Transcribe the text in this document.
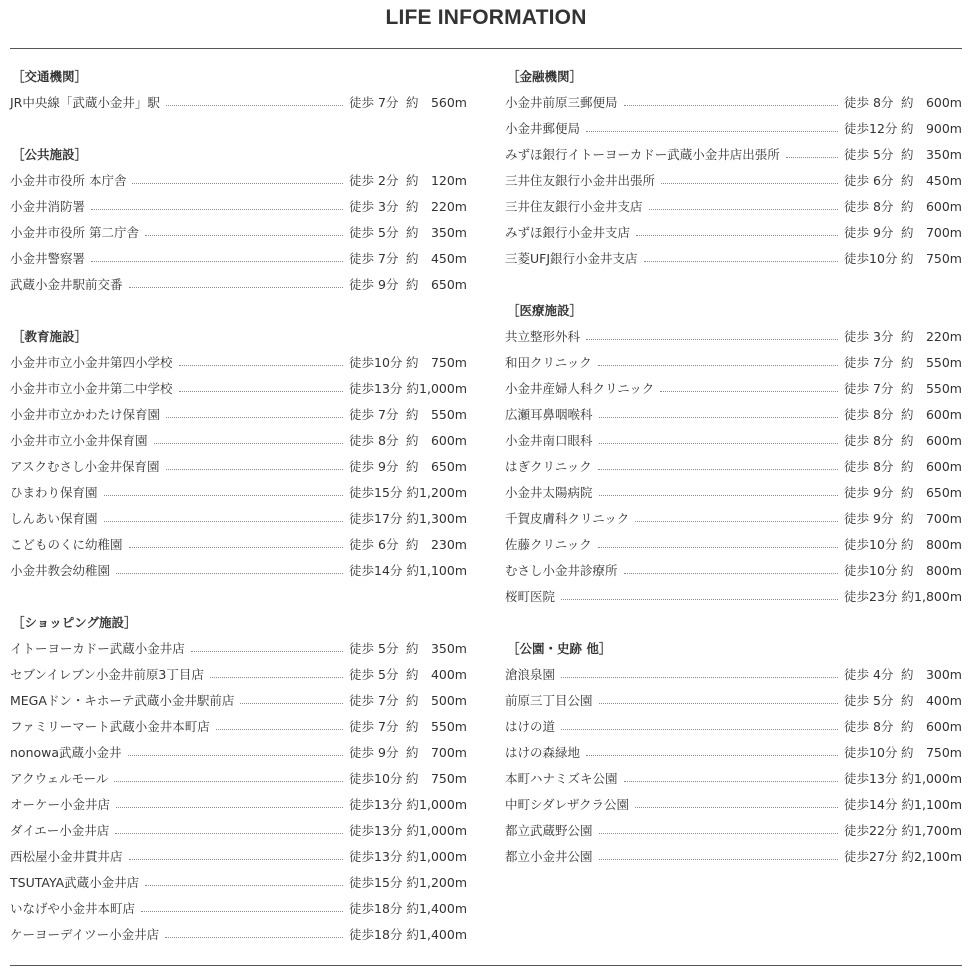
LIFE INFORMATION
［交通機関］
JR中央線「武蔵小金井」駅	徒歩 7分 約　560m
［公共施設］
小金井市役所 本庁舎	徒歩 2分 約　120m
小金井消防署	徒歩 3分 約　220m
小金井市役所 第二庁舎	徒歩 5分 約　350m
小金井警察署	徒歩 7分 約　450m
武蔵小金井駅前交番	徒歩 9分 約　650m
［教育施設］
小金井市立小金井第四小学校	徒歩10分 約　750m
小金井市立小金井第二中学校	徒歩13分 約1,000m
小金井市立かわたけ保育園	徒歩 7分 約　550m
小金井市立小金井保育園	徒歩 8分 約　600m
アスクむさし小金井保育園	徒歩 9分 約　650m
ひまわり保育園	徒歩15分 約1,200m
しんあい保育園	徒歩17分 約1,300m
こどものくに幼稚園	徒歩 6分 約　230m
小金井教会幼稚園	徒歩14分 約1,100m
［ショッピング施設］
イトーヨーカドー武蔵小金井店	徒歩 5分 約　350m
セブンイレブン小金井前原3丁目店	徒歩 5分 約　400m
MEGAドン・キホーテ武蔵小金井駅前店	徒歩 7分 約　500m
ファミリーマート武蔵小金井本町店	徒歩 7分 約　550m
nonowa武蔵小金井	徒歩 9分 約　700m
アクウェルモール	徒歩10分 約　750m
オーケー小金井店	徒歩13分 約1,000m
ダイエー小金井店	徒歩13分 約1,000m
西松屋小金井貫井店	徒歩13分 約1,000m
TSUTAYA武蔵小金井店	徒歩15分 約1,200m
いなげや小金井本町店	徒歩18分 約1,400m
ケーヨーデイツー小金井店	徒歩18分 約1,400m
［金融機関］
小金井前原三郵便局	徒歩 8分 約　600m
小金井郵便局	徒歩12分 約　900m
みずほ銀行イトーヨーカドー武蔵小金井店出張所	徒歩 5分 約　350m
三井住友銀行小金井出張所	徒歩 6分 約　450m
三井住友銀行小金井支店	徒歩 8分 約　600m
みずほ銀行小金井支店	徒歩 9分 約　700m
三菱UFJ銀行小金井支店	徒歩10分 約　750m
［医療施設］
共立整形外科	徒歩 3分 約　220m
和田クリニック	徒歩 7分 約　550m
小金井産婦人科クリニック	徒歩 7分 約　550m
広瀬耳鼻咽喉科	徒歩 8分 約　600m
小金井南口眼科	徒歩 8分 約　600m
はぎクリニック	徒歩 8分 約　600m
小金井太陽病院	徒歩 9分 約　650m
千賀皮膚科クリニック	徒歩 9分 約　700m
佐藤クリニック	徒歩10分 約　800m
むさし小金井診療所	徒歩10分 約　800m
桜町医院	徒歩23分 約1,800m
［公園・史跡 他］
滄浪泉園	徒歩 4分 約　300m
前原三丁目公園	徒歩 5分 約　400m
はけの道	徒歩 8分 約　600m
はけの森緑地	徒歩10分 約　750m
本町ハナミズキ公園	徒歩13分 約1,000m
中町シダレザクラ公園	徒歩14分 約1,100m
都立武蔵野公園	徒歩22分 約1,700m
都立小金井公園	徒歩27分 約2,100m
